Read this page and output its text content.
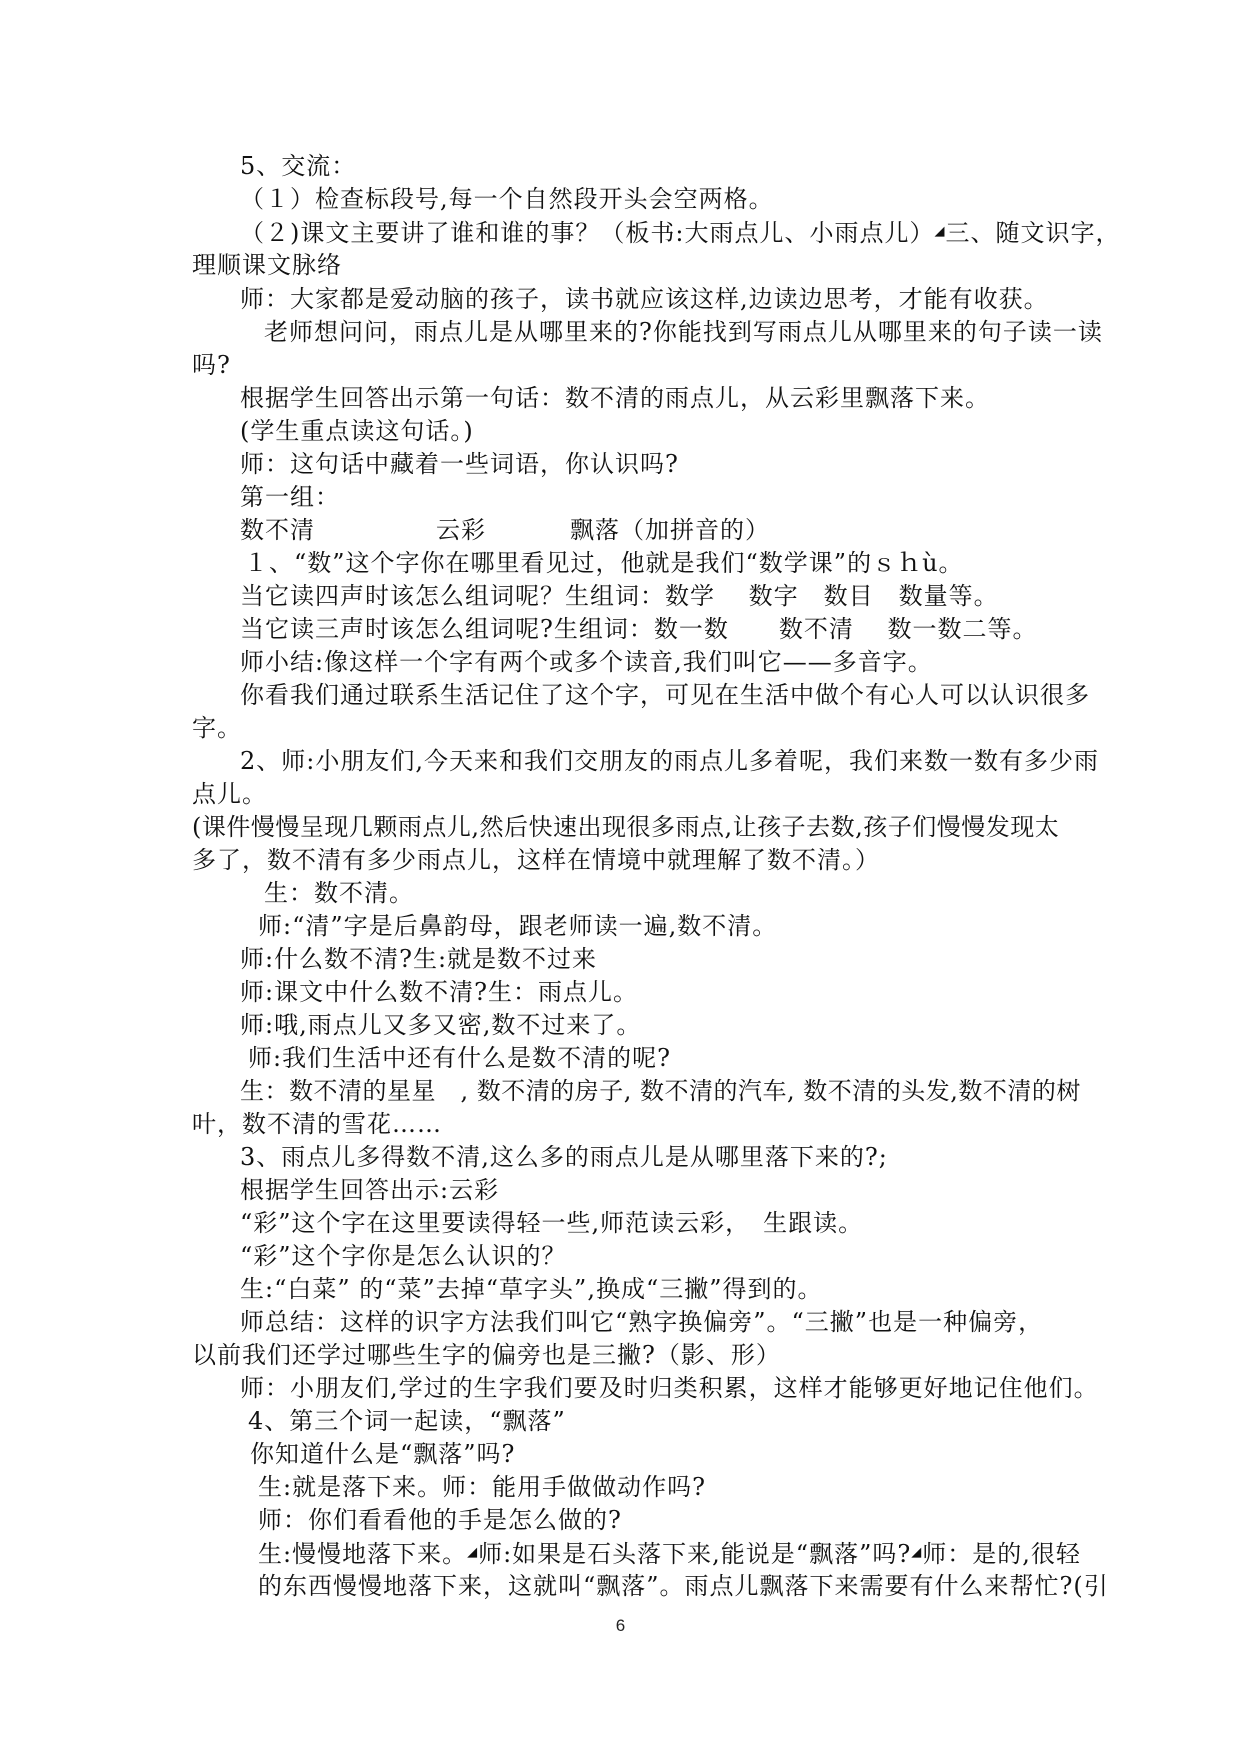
5、交流：
（１）检查标段号,每一个自然段开头会空两格。
（２)课文主要讲了谁和谁的事？（板书:大雨点儿、小雨点儿）◢三、随文识字，
理顺课文脉络
师：大家都是爱动脑的孩子，读书就应该这样,边读边思考，才能有收获。
老师想问问，雨点儿是从哪里来的?你能找到写雨点儿从哪里来的句子读一读
吗?
根据学生回答出示第一句话：数不清的雨点儿，从云彩里飘落下来。
(学生重点读这句话。)
师：这句话中藏着一些词语，你认识吗?
第一组：
数不清	云彩	飘落（加拼音的）
１、“数”这个字你在哪里看见过，他就是我们“数学课”的ｓｈù。
当它读四声时该怎么组词呢？生组词：数学　 数字　数目　数量等。
当它读三声时该怎么组词呢?生组词：数一数　　数不清　 数一数二等。
师小结:像这样一个字有两个或多个读音,我们叫它——多音字。
你看我们通过联系生活记住了这个字，可见在生活中做个有心人可以认识很多
字。
2、师:小朋友们,今天来和我们交朋友的雨点儿多着呢，我们来数一数有多少雨
点儿。
(课件慢慢呈现几颗雨点儿,然后快速出现很多雨点,让孩子去数,孩子们慢慢发现太
多了，数不清有多少雨点儿，这样在情境中就理解了数不清。）
生：数不清。
师:“清”字是后鼻韵母，跟老师读一遍,数不清。
师:什么数不清?生:就是数不过来
师:课文中什么数不清?生：雨点儿。
师:哦,雨点儿又多又密,数不过来了。
师:我们生活中还有什么是数不清的呢?
生：数不清的星星　, 数不清的房子, 数不清的汽车, 数不清的头发,数不清的树
叶，数不清的雪花……
3、雨点儿多得数不清,这么多的雨点儿是从哪里落下来的?;
根据学生回答出示:云彩
“彩”这个字在这里要读得轻一些,师范读云彩，　生跟读。
“彩”这个字你是怎么认识的？
生:“白菜” 的“菜”去掉“草字头”,换成“三撇”得到的。
师总结：这样的识字方法我们叫它“熟字换偏旁”。“三撇”也是一种偏旁，
以前我们还学过哪些生字的偏旁也是三撇?（影、形）
师：小朋友们,学过的生字我们要及时归类积累，这样才能够更好地记住他们。
4、第三个词一起读，“飘落”
你知道什么是“飘落”吗?
生:就是落下来。师：能用手做做动作吗?
师：你们看看他的手是怎么做的?
生:慢慢地落下来。◢师:如果是石头落下来,能说是“飘落”吗?◢师：是的,很轻
的东西慢慢地落下来，这就叫“飘落”。雨点儿飘落下来需要有什么来帮忙?(引
6
